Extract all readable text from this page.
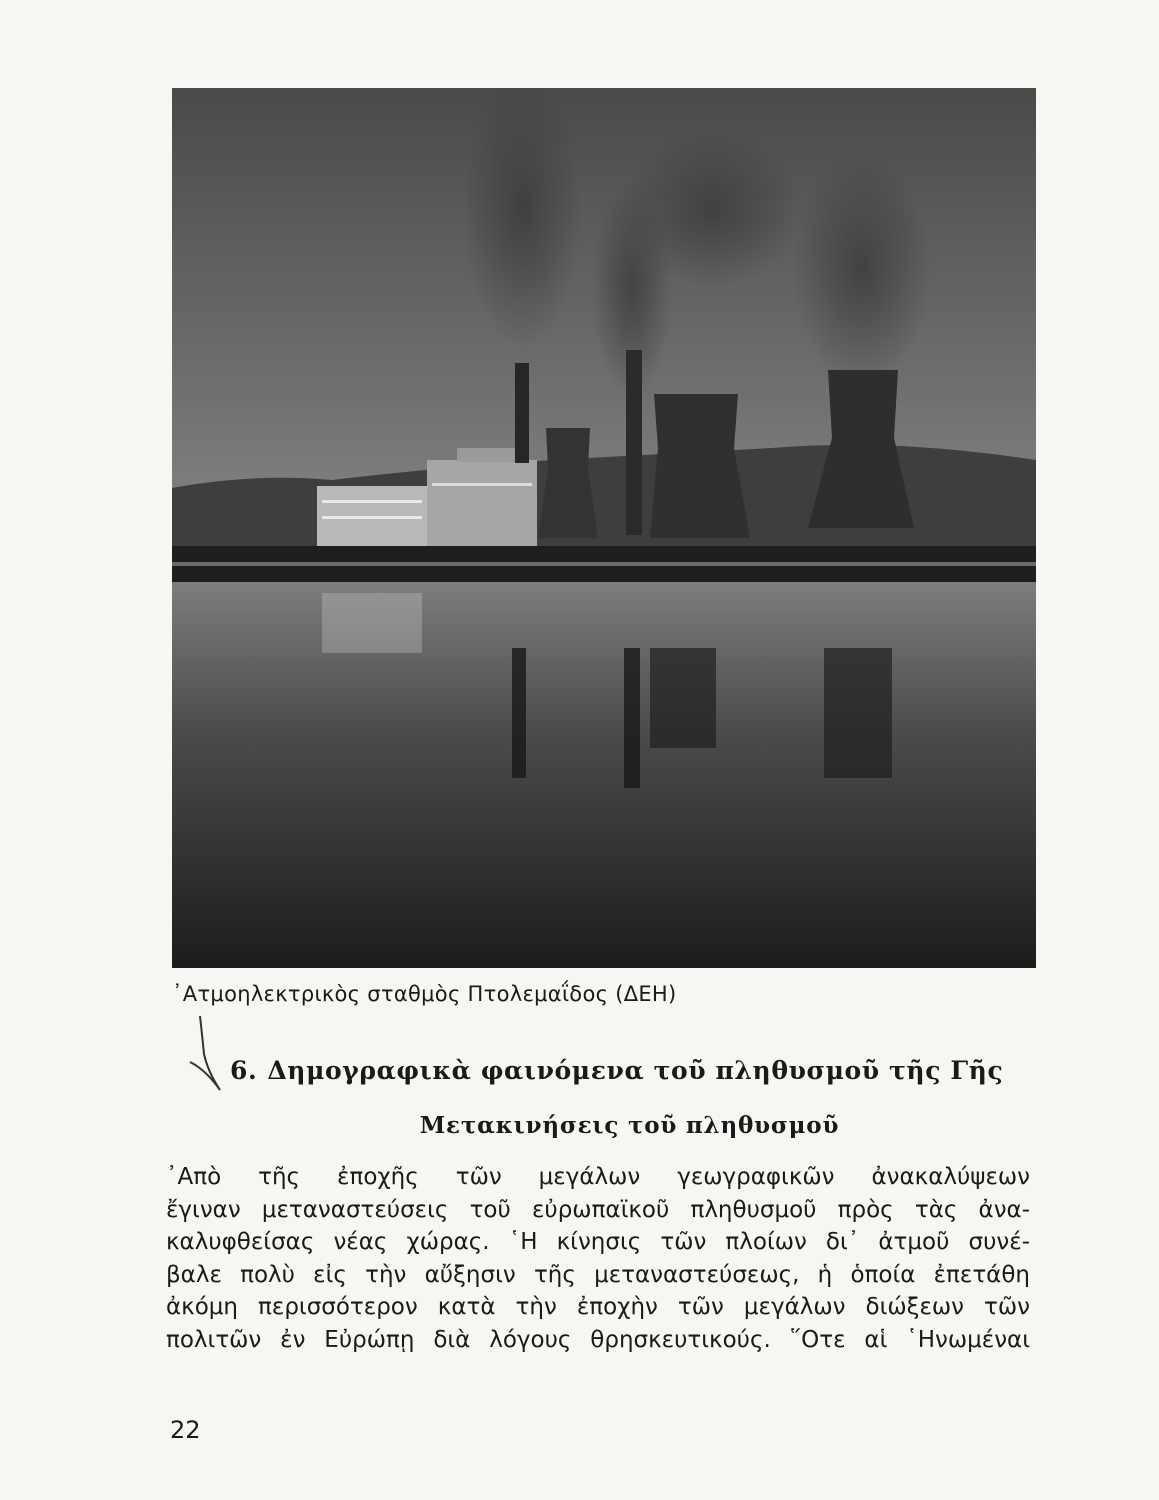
᾿Ατμοηλεκτρικὸς σταθμὸς Πτολεμαΐδος (ΔΕΗ)
6. Δημογραφικὰ φαινόμενα τοῦ πληθυσμοῦ τῆς Γῆς
Μετακινήσεις τοῦ πληθυσμοῦ
᾿Απὸ τῆς ἐποχῆς τῶν μεγάλων γεωγραφικῶν ἀνακαλύψεων
ἔγιναν μεταναστεύσεις τοῦ εὐρωπαϊκοῦ πληθυσμοῦ πρὸς τὰς ἀνα-
καλυφθείσας νέας χώρας. ῾Η κίνησις τῶν πλοίων δι᾿ ἀτμοῦ συνέ-
βαλε πολὺ εἰς τὴν αὔξησιν τῆς μεταναστεύσεως, ἡ ὁποία ἐπετάθη
ἀκόμη περισσότερον κατὰ τὴν ἐποχὴν τῶν μεγάλων διώξεων τῶν
πολιτῶν ἐν Εὐρώπῃ διὰ λόγους θρησκευτικούς. ῞Οτε αἱ ῾Ηνωμέναι
22
